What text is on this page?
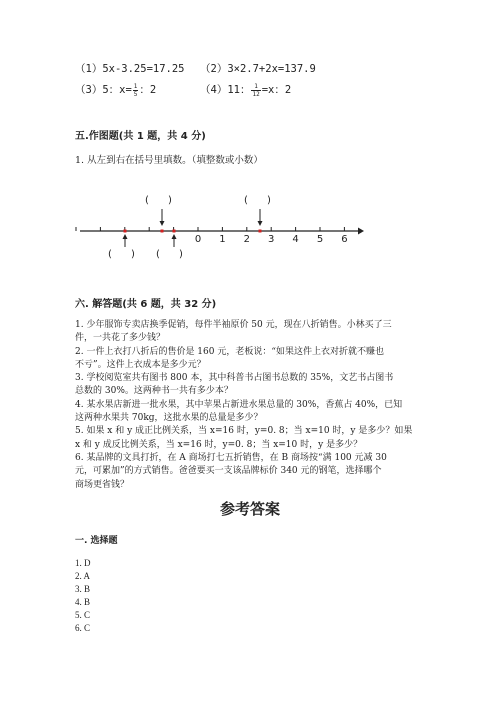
（1）5x-3.25=17.25 （2）3×2.7+2x=137.9
（3）5：$x= \frac{1}{5}$ ：2	（4）11： $\frac{1}{12} =x$：2
五.作图题(共 1 题，共 4 分)
1. 从左到右在括号里填数。（填整数或小数）
0 1 2 3 4 5 6
(      )	(      )
(      ) (      )
六. 解答题(共 6 题，共 32 分)
1. 少年服饰专卖店换季促销，每件半袖原价 50 元，现在八折销售。小林买了三
件，一共花了多少钱？
2. 一件上衣打八折后的售价是 160 元，老板说：“如果这件上衣对折就不赚也
不亏”。这件上衣成本是多少元？
3. 学校阅览室共有图书 800 本，其中科普书占图书总数的 35%，文艺书占图书
总数的 30%。这两种书一共有多少本？
4. 某水果店新进一批水果，其中苹果占新进水果总量的 30%，香蕉占 40%，已知
这两种水果共 70kg，这批水果的总量是多少？
5. 如果 x 和 y 成正比例关系，当 x=16 时，y=0. 8；当 x=10 时，y 是多少？如果
x 和 y 成反比例关系，当 x=16 时，y=0. 8；当 x=10 时，y 是多少？
6. 某品牌的文具打折，在 A 商场打七五折销售，在 B 商场按“满 100 元减 30
元，可累加”的方式销售。爸爸要买一支该品牌标价 340 元的钢笔，选择哪个
商场更省钱？
参考答案
一. 选择题
1. D
2. A
3. B
4. B
5. C
6. C
